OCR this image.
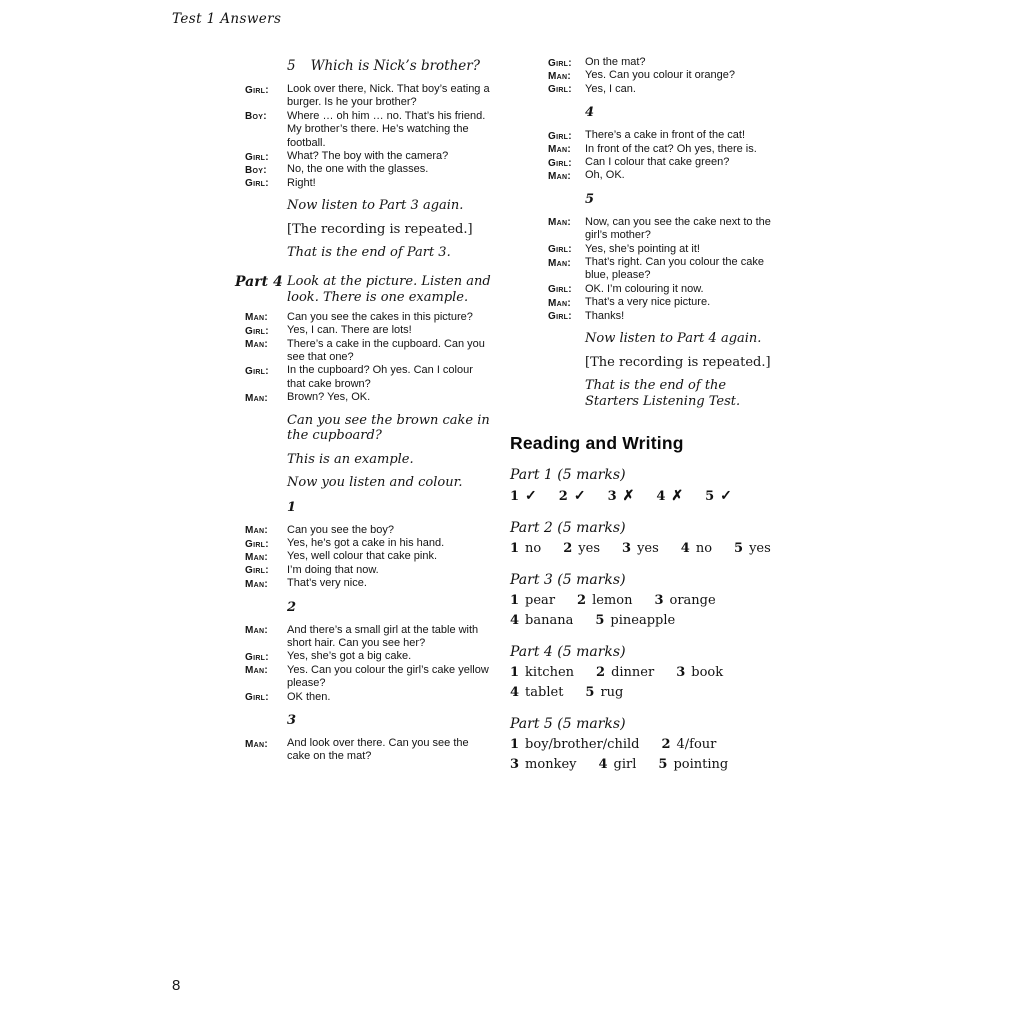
Test 1 Answers
5 Which is Nick’s brother?
Girl:	Look over there, Nick. That boy’s eating a burger. Is he your brother?
Boy:	Where … oh him … no. That’s his friend. My brother’s there. He’s watching the football.
Girl:	What? The boy with the camera?
Boy:	No, the one with the glasses.
Girl:	Right!
Now listen to Part 3 again.
[The recording is repeated.]
That is the end of Part 3.
Part 4 Look at the picture. Listen and look. There is one example.
Man:	Can you see the cakes in this picture?
Girl:	Yes, I can. There are lots!
Man:	There’s a cake in the cupboard. Can you see that one?
Girl:	In the cupboard? Oh yes. Can I colour that cake brown?
Man:	Brown? Yes, OK.
Can you see the brown cake in the cupboard?
This is an example.
Now you listen and colour.
1
Man:	Can you see the boy?
Girl:	Yes, he’s got a cake in his hand.
Man:	Yes, well colour that cake pink.
Girl:	I’m doing that now.
Man:	That’s very nice.
2
Man:	And there’s a small girl at the table with short hair. Can you see her?
Girl:	Yes, she’s got a big cake.
Man:	Yes. Can you colour the girl’s cake yellow please?
Girl:	OK then.
3
Man:	And look over there. Can you see the cake on the mat?
Girl:	On the mat?
Man:	Yes. Can you colour it orange?
Girl:	Yes, I can.
4
Girl:	There’s a cake in front of the cat!
Man:	In front of the cat? Oh yes, there is.
Girl:	Can I colour that cake green?
Man:	Oh, OK.
5
Man:	Now, can you see the cake next to the girl’s mother?
Girl:	Yes, she’s pointing at it!
Man:	That’s right. Can you colour the cake blue, please?
Girl:	OK. I’m colouring it now.
Man:	That’s a very nice picture.
Girl:	Thanks!
Now listen to Part 4 again.
[The recording is repeated.]
That is the end of the Starters Listening Test.
Reading and Writing
Part 1 (5 marks)
1 ✓ 2 ✓ 3 ✗ 4 ✗ 5 ✓
Part 2 (5 marks)
1 no 2 yes 3 yes 4 no 5 yes
Part 3 (5 marks)
1 pear 2 lemon 3 orange4 banana 5 pineapple
Part 4 (5 marks)
1 kitchen 2 dinner 3 book4 tablet 5 rug
Part 5 (5 marks)
1 boy/brother/child 2 4/four3 monkey 4 girl 5 pointing
8
